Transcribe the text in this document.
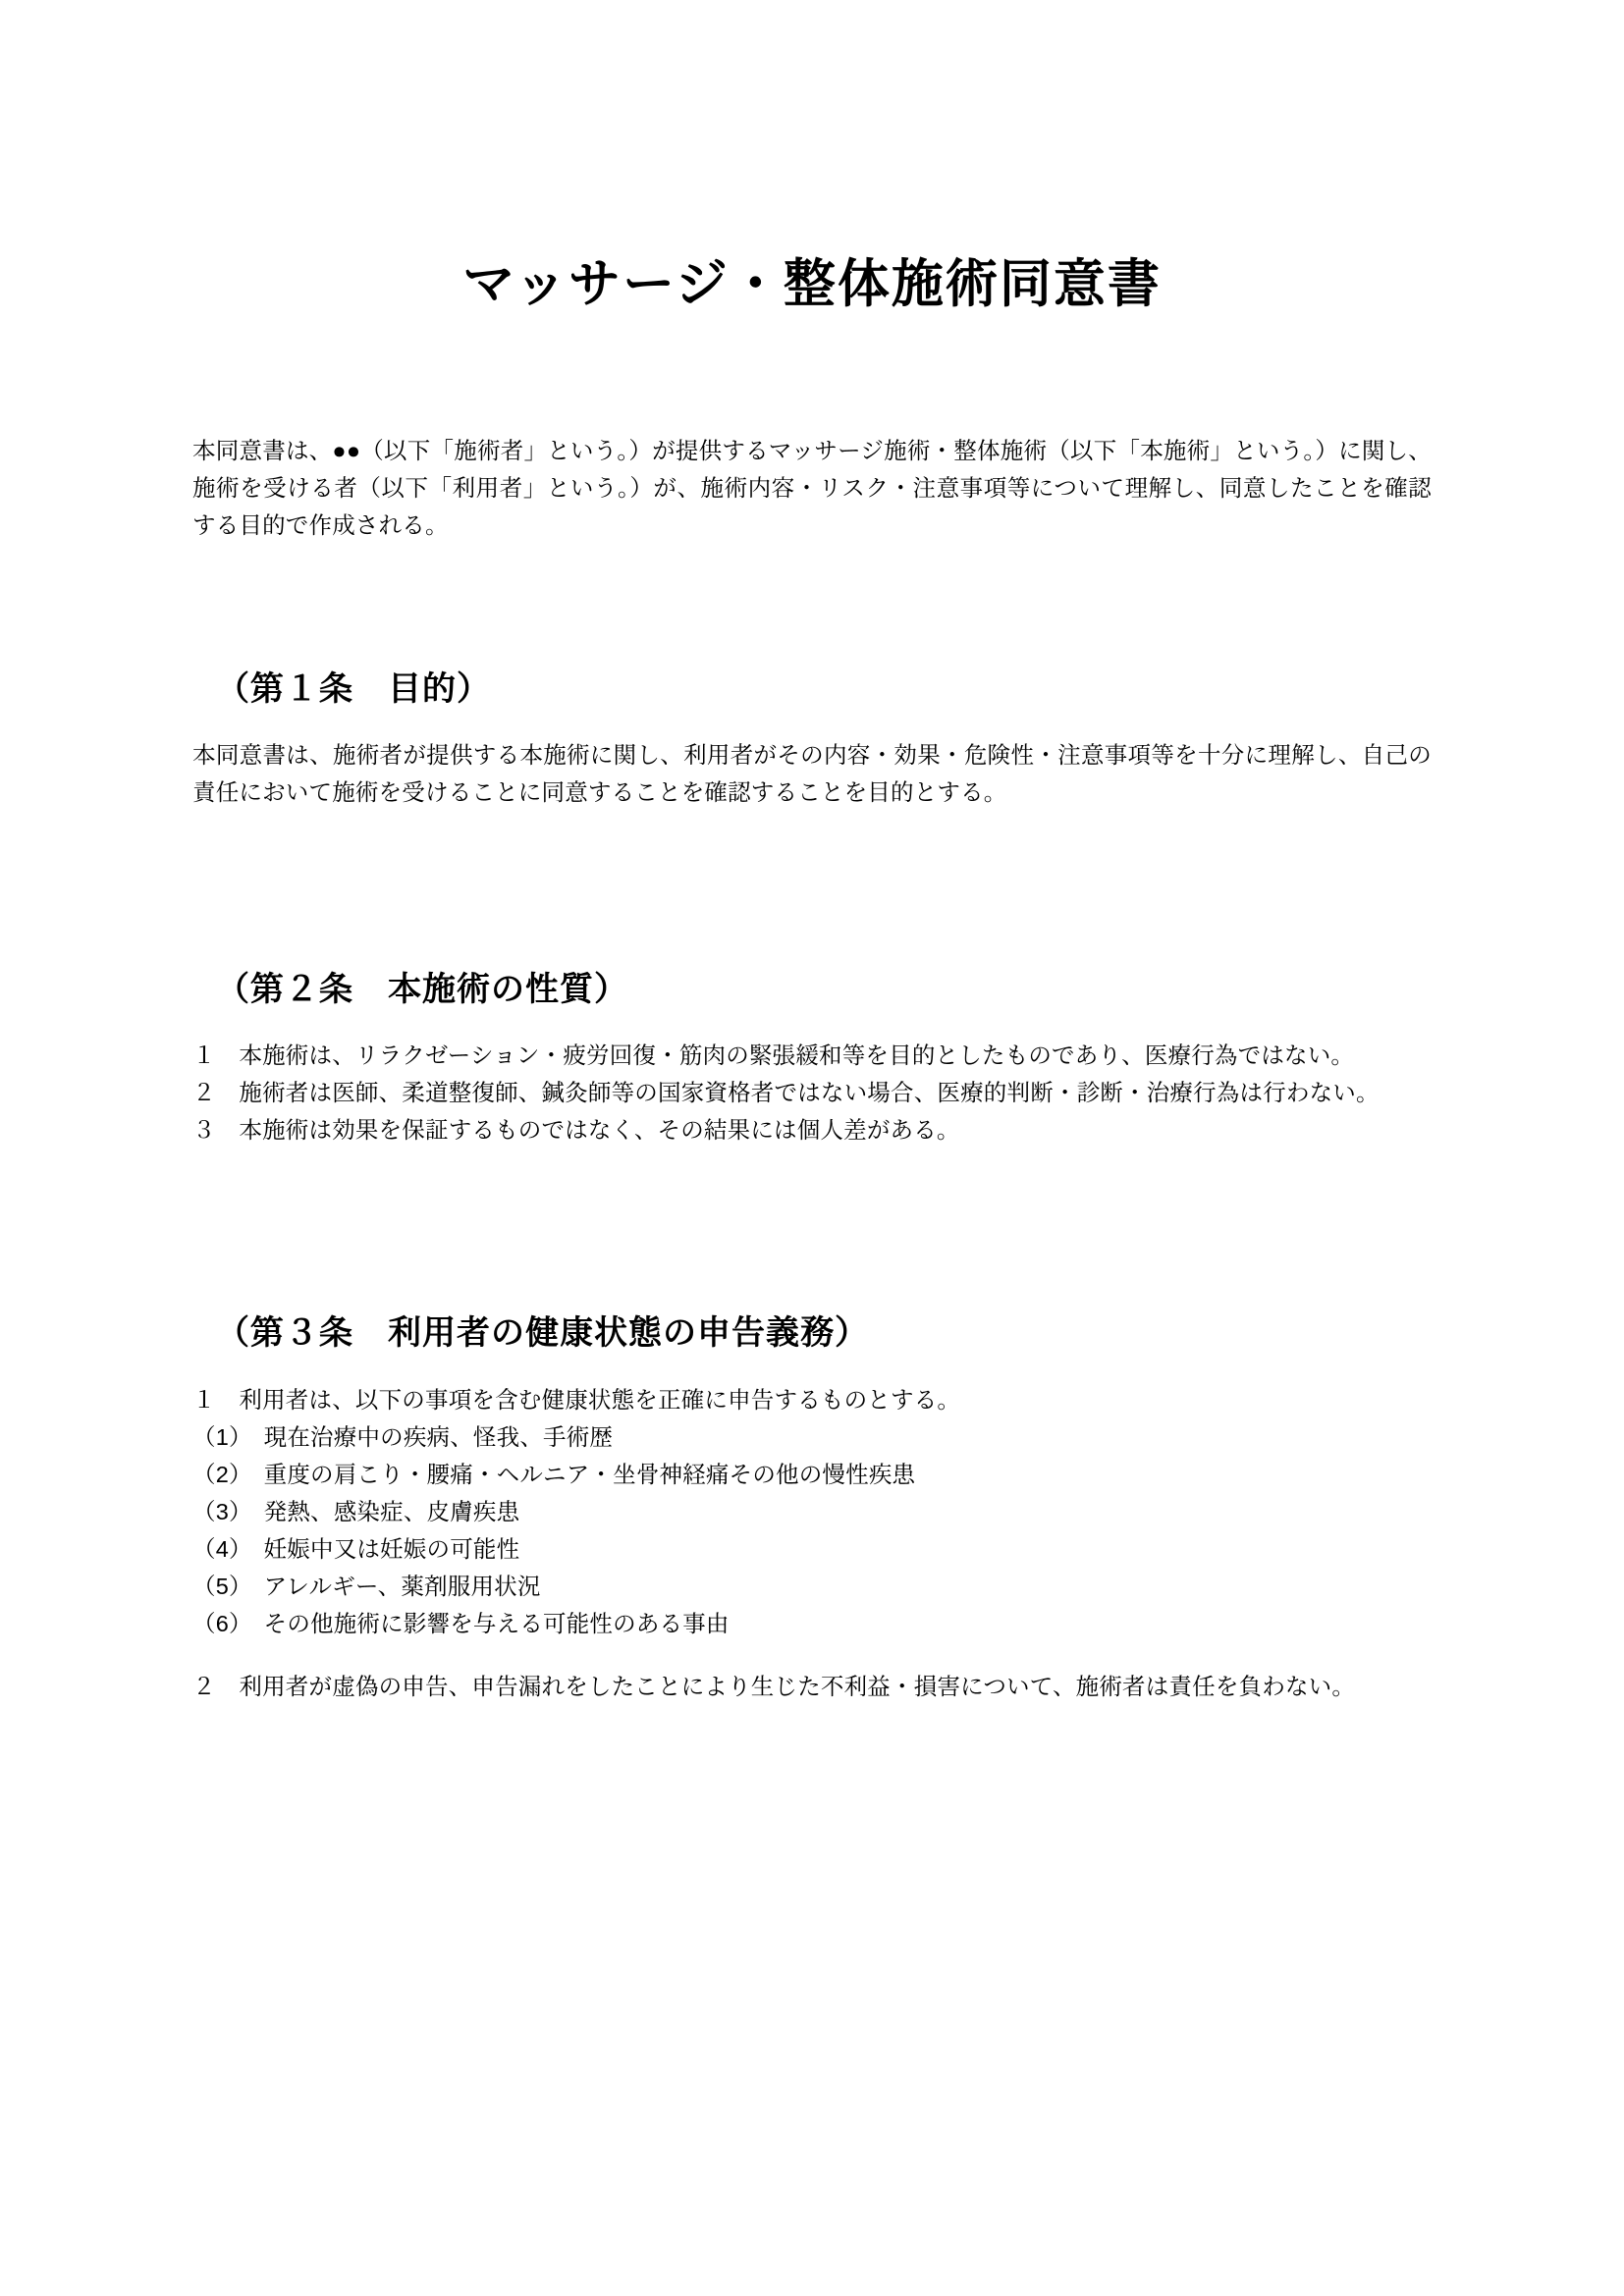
マッサージ・整体施術同意書

本同意書は、●●（以下「施術者」という。）が提供するマッサージ施術・整体施術（以下「本施術」という。）に関し、施術を受ける者（以下「利用者」という。）が、施術内容・リスク・注意事項等について理解し、同意したことを確認する目的で作成される。

（第１条　目的）

本同意書は、施術者が提供する本施術に関し、利用者がその内容・効果・危険性・注意事項等を十分に理解し、自己の責任において施術を受けることに同意することを確認することを目的とする。

（第２条　本施術の性質）
１　本施術は、リラクゼーション・疲労回復・筋肉の緊張緩和等を目的としたものであり、医療行為ではない。
２　施術者は医師、柔道整復師、鍼灸師等の国家資格者ではない場合、医療的判断・診断・治療行為は行わない。
３　本施術は効果を保証するものではなく、その結果には個人差がある。
（第３条　利用者の健康状態の申告義務）

１　利用者は、以下の事項を含む健康状態を正確に申告するものとする。

（1）　現在治療中の疾病、怪我、手術歴
（2）　重度の肩こり・腰痛・ヘルニア・坐骨神経痛その他の慢性疾患
（3）　発熱、感染症、皮膚疾患
（4）　妊娠中又は妊娠の可能性
（5）　アレルギー、薬剤服用状況
（6）　その他施術に影響を与える可能性のある事由

２　利用者が虚偽の申告、申告漏れをしたことにより生じた不利益・損害について、施術者は責任を負わない。
